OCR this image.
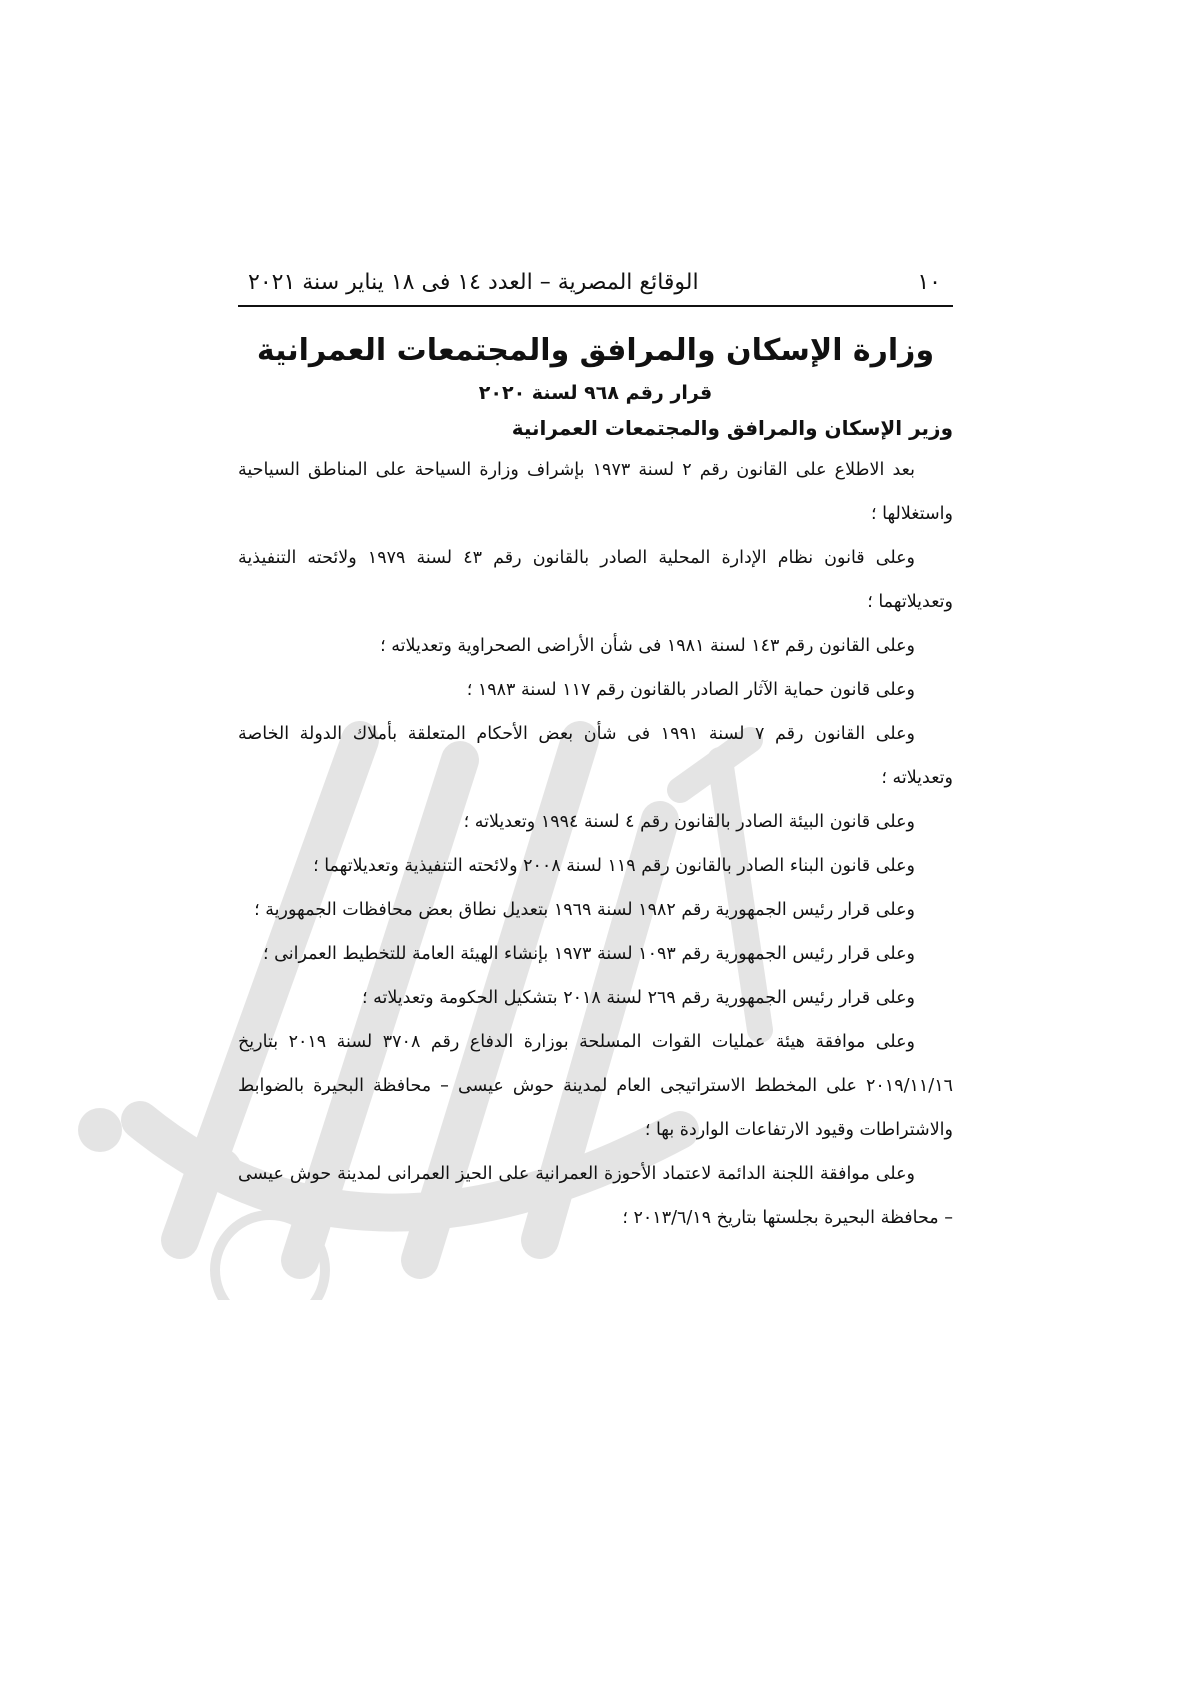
١٠
الوقائع المصرية – العدد ١٤ فى ١٨ يناير سنة ٢٠٢١
وزارة الإسكان والمرافق والمجتمعات العمرانية
قرار رقم ٩٦٨ لسنة ٢٠٢٠
وزير الإسكان والمرافق والمجتمعات العمرانية

بعد الاطلاع على القانون رقم ٢ لسنة ١٩٧٣ بإشراف وزارة السياحة على المناطق السياحية واستغلالها ؛

وعلى قانون نظام الإدارة المحلية الصادر بالقانون رقم ٤٣ لسنة ١٩٧٩ ولائحته التنفيذية وتعديلاتهما ؛

وعلى القانون رقم ١٤٣ لسنة ١٩٨١ فى شأن الأراضى الصحراوية وتعديلاته ؛

وعلى قانون حماية الآثار الصادر بالقانون رقم ١١٧ لسنة ١٩٨٣ ؛

وعلى القانون رقم ٧ لسنة ١٩٩١ فى شأن بعض الأحكام المتعلقة بأملاك الدولة الخاصة وتعديلاته ؛

وعلى قانون البيئة الصادر بالقانون رقم ٤ لسنة ١٩٩٤ وتعديلاته ؛

وعلى قانون البناء الصادر بالقانون رقم ١١٩ لسنة ٢٠٠٨ ولائحته التنفيذية وتعديلاتهما ؛

وعلى قرار رئيس الجمهورية رقم ١٩٨٢ لسنة ١٩٦٩ بتعديل نطاق بعض محافظات الجمهورية ؛

وعلى قرار رئيس الجمهورية رقم ١٠٩٣ لسنة ١٩٧٣ بإنشاء الهيئة العامة للتخطيط العمرانى ؛

وعلى قرار رئيس الجمهورية رقم ٢٦٩ لسنة ٢٠١٨ بتشكيل الحكومة وتعديلاته ؛

وعلى موافقة هيئة عمليات القوات المسلحة بوزارة الدفاع رقم ٣٧٠٨ لسنة ٢٠١٩ بتاريخ ٢٠١٩/١١/١٦ على المخطط الاستراتيجى العام لمدينة حوش عيسى – محافظة البحيرة بالضوابط والاشتراطات وقيود الارتفاعات الواردة بها ؛

وعلى موافقة اللجنة الدائمة لاعتماد الأحوزة العمرانية على الحيز العمرانى لمدينة حوش عيسى – محافظة البحيرة بجلستها بتاريخ ٢٠١٣/٦/١٩ ؛
